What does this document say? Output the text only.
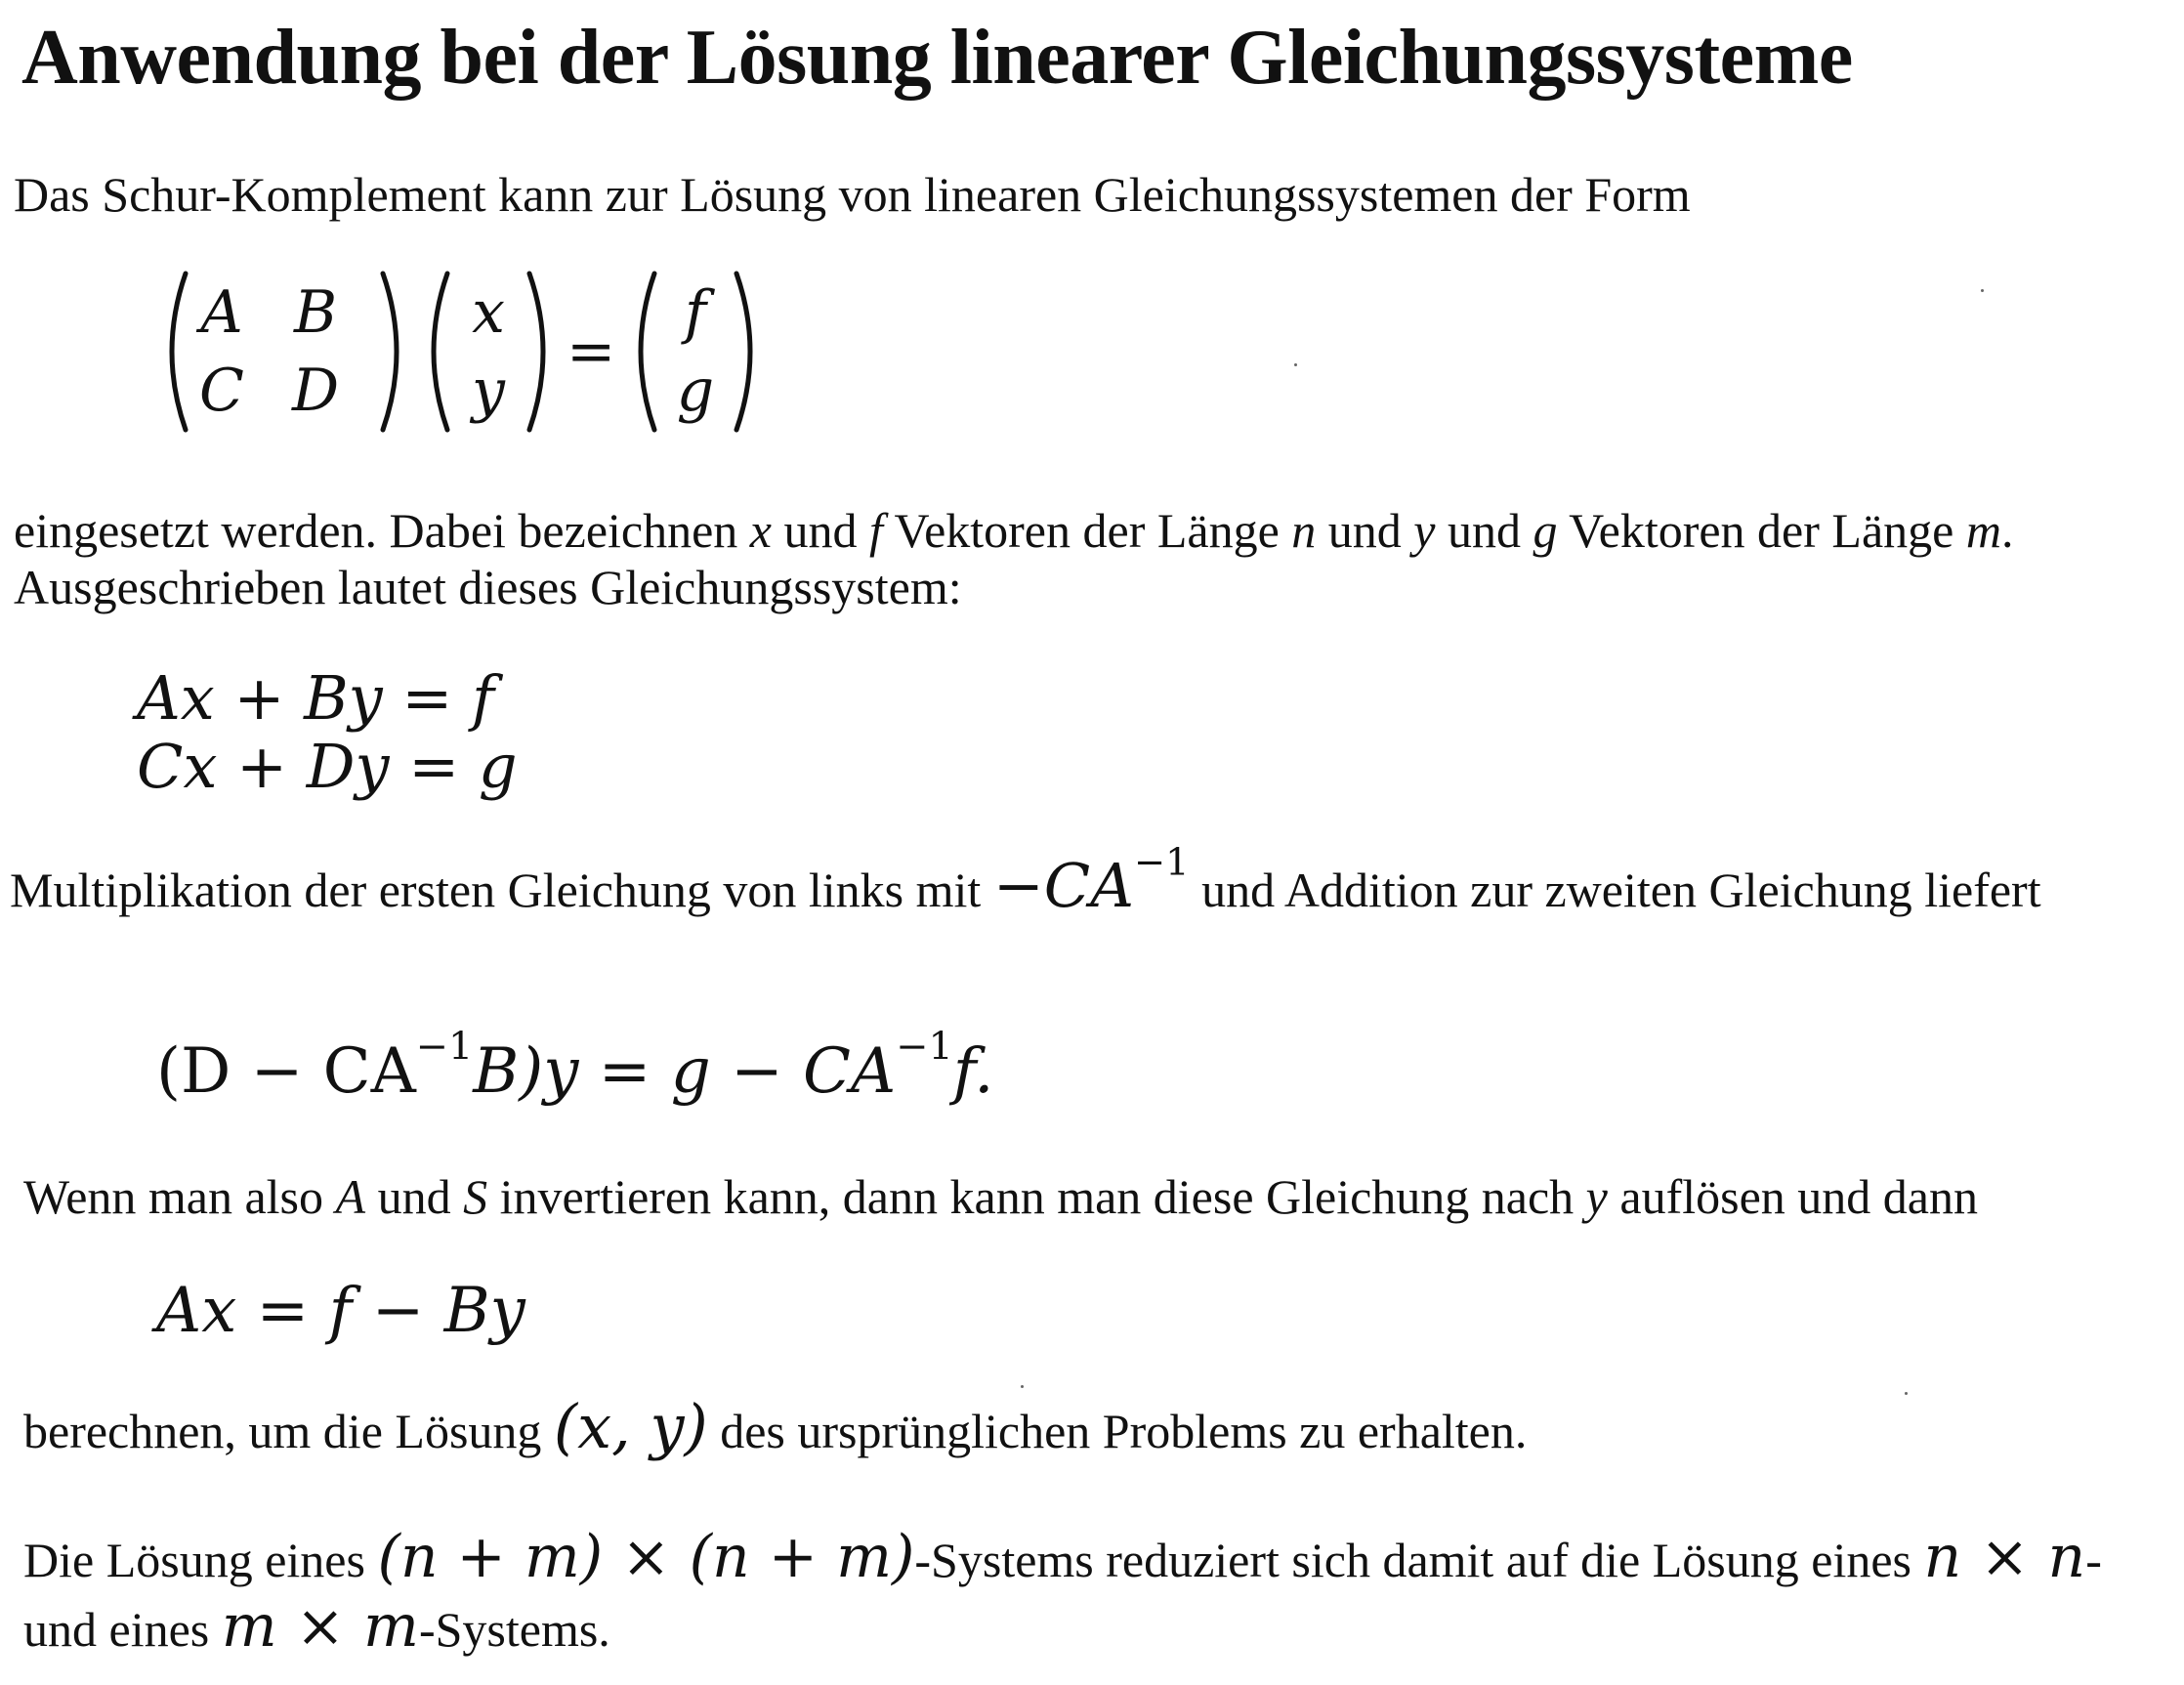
Anwendung bei der Lösung linearer Gleichungssysteme

Das Schur-Komplement kann zur Lösung von linearen Gleichungssystemen der Form

A B
C D
x
y
=
f
g
eingesetzt werden. Dabei bezeichnen x und f Vektoren der Länge n und y und g Vektoren der Länge m.
Ausgeschrieben lautet dieses Gleichungssystem:
Ax + By = f
Cx + Dy = g
Multiplikation der ersten Gleichung von links mit $-CA^{-1}$ und Addition zur zweiten Gleichung liefert
$(D - CA^{-1}B)y = g - CA^{-1}f$.
Wenn man also A und S invertieren kann, dann kann man diese Gleichung nach y auflösen und dann
Ax = f − By
berechnen, um die Lösung (x, y) des ursprünglichen Problems zu erhalten.
Die Lösung eines (n + m) × (n + m)-Systems reduziert sich damit auf die Lösung eines n × n-
und eines m × m-Systems.
